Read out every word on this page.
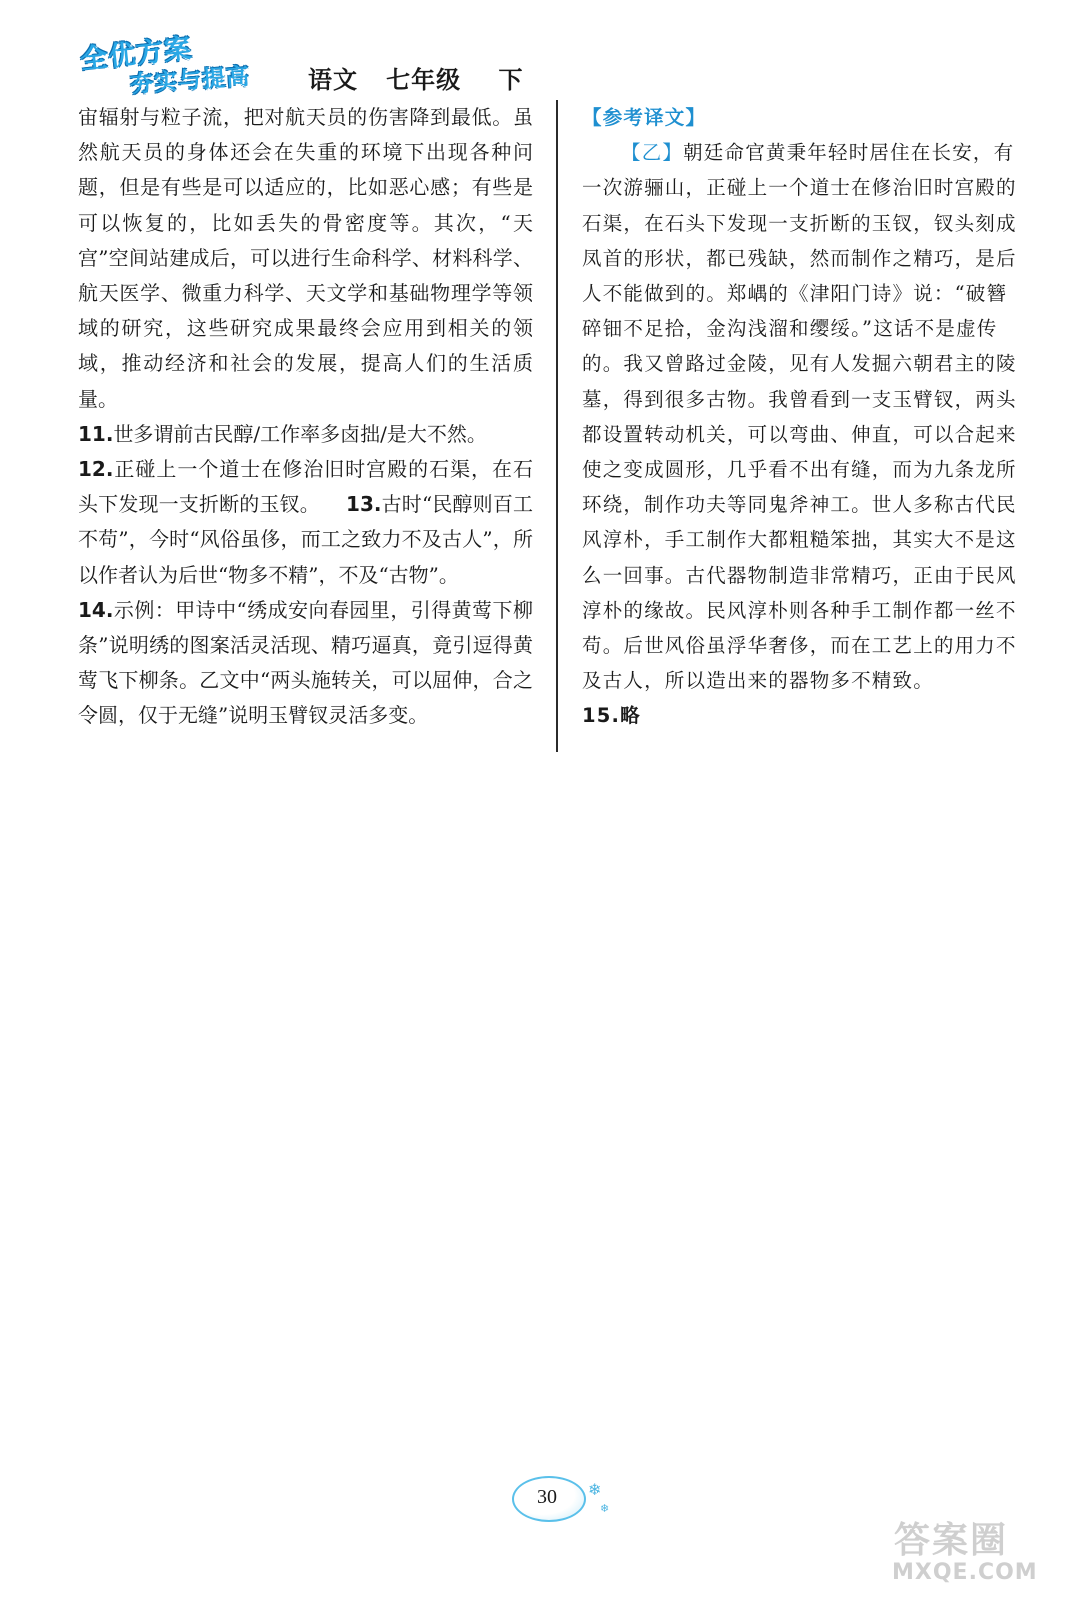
全优方案
夯实与提高 语文   七年级    下

宙辐射与粒子流，把对航天员的伤害降到最低。虽然航天员的身体还会在失重的环境下出现各种问题，但是有些是可以适应的，比如恶心感；有些是可以恢复的，比如丢失的骨密度等。其次，“天宫”空间站建成后，可以进行生命科学、材料科学、航天医学、微重力科学、天文学和基础物理学等领域的研究，这些研究成果最终会应用到相关的领域，推动经济和社会的发展，提高人们的生活质量。

11.世多谓前古民醇/工作率多卤拙/是大不然。

12.正碰上一个道士在修治旧时宫殿的石渠，在石头下发现一支折断的玉钗。 13.古时“民醇则百工不苟”，今时“风俗虽侈，而工之致力不及古人”，所以作者认为后世“物多不精”，不及“古物”。

14.示例：甲诗中“绣成安向春园里，引得黄莺下柳条”说明绣的图案活灵活现、精巧逼真，竟引逗得黄莺飞下柳条。乙文中“两头施转关，可以屈伸，合之令圆，仅于无缝”说明玉臂钗灵活多变。

【参考译文】

【乙】朝廷命官黄秉年轻时居住在长安，有一次游骊山，正碰上一个道士在修治旧时宫殿的石渠，在石头下发现一支折断的玉钗，钗头刻成凤首的形状，都已残缺，然而制作之精巧，是后人不能做到的。郑嵎的《津阳门诗》说：“破簪碎钿不足拾，金沟浅溜和缨绥。”这话不是虚传的。我又曾路过金陵，见有人发掘六朝君主的陵墓，得到很多古物。我曾看到一支玉臂钗，两头都设置转动机关，可以弯曲、伸直，可以合起来使之变成圆形，几乎看不出有缝，而为九条龙所环绕，制作功夫等同鬼斧神工。世人多称古代民风淳朴，手工制作大都粗糙笨拙，其实大不是这么一回事。古代器物制造非常精巧，正由于民风淳朴的缘故。民风淳朴则各种手工制作都一丝不苟。后世风俗虽浮华奢侈，而在工艺上的用力不及古人，所以造出来的器物多不精致。

15.略

30	❄
❄
答案圈
MXQE.COM
